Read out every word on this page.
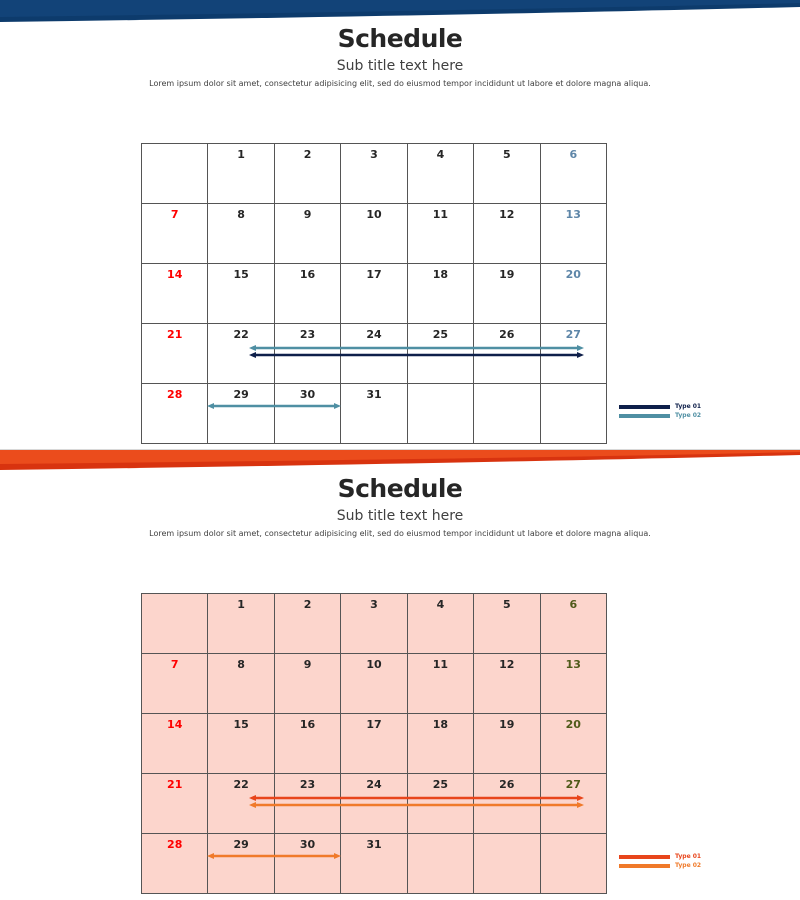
Schedule
Sub title text here
Lorem ipsum dolor sit amet, consectetur adipisicing elit, sed do eiusmod tempor incididunt ut labore et dolore magna aliqua.
	1	2	3	4	5	6
7	8	9	10	11	12	13
14	15	16	17	18	19	20
21	22	23	24	25	26	27
28	29	30	31			
Type 01
Type 02
Schedule
Sub title text here
Lorem ipsum dolor sit amet, consectetur adipisicing elit, sed do eiusmod tempor incididunt ut labore et dolore magna aliqua.
	1	2	3	4	5	6
7	8	9	10	11	12	13
14	15	16	17	18	19	20
21	22	23	24	25	26	27
28	29	30	31			
Type 01
Type 02
